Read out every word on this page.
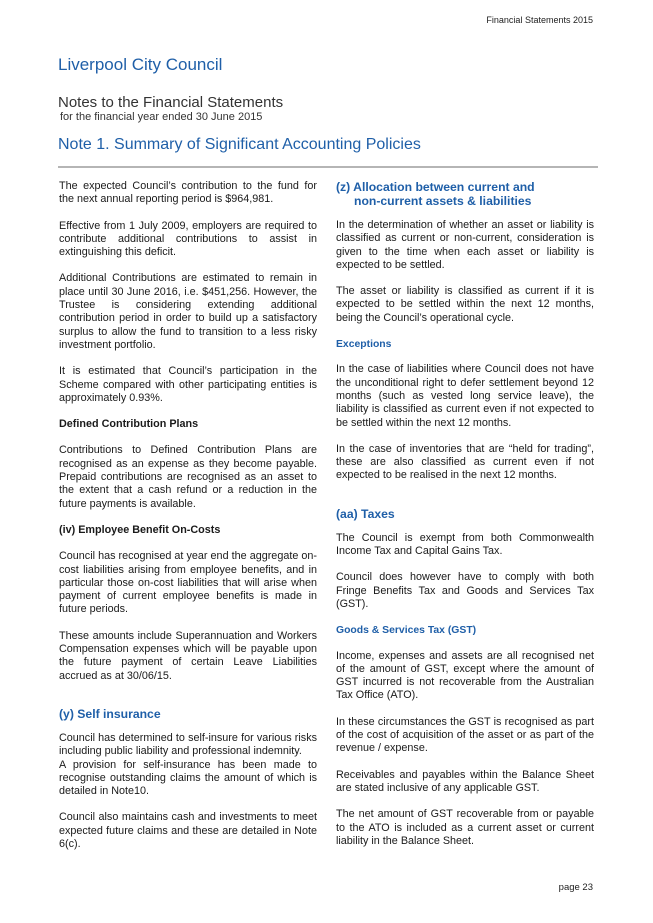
Financial Statements 2015
Liverpool City Council
Notes to the Financial Statements
for the financial year ended 30 June 2015
Note 1. Summary of Significant Accounting Policies

The expected Council’s contribution to the fund for the next annual reporting period is $964,981.

Effective from 1 July 2009, employers are required to contribute additional contributions to assist in extinguishing this deficit.

Additional Contributions are estimated to remain in place until 30 June 2016, i.e. $451,256. However, the Trustee is considering extending additional contribution period in order to build up a satisfactory surplus to allow the fund to transition to a less risky investment portfolio.

It is estimated that Council’s participation in the Scheme compared with other participating entities is approximately 0.93%.

Defined Contribution Plans

Contributions to Defined Contribution Plans are recognised as an expense as they become payable. Prepaid contributions are recognised as an asset to the extent that a cash refund or a reduction in the future payments is available.

(iv) Employee Benefit On-Costs

Council has recognised at year end the aggregate on-cost liabilities arising from employee benefits, and in particular those on-cost liabilities that will arise when payment of current employee benefits is made in future periods.

These amounts include Superannuation and Workers Compensation expenses which will be payable upon the future payment of certain Leave Liabilities accrued as at 30/06/15.

(y) Self insurance

Council has determined to self-insure for various risks including public liability and professional indemnity.

A provision for self-insurance has been made to recognise outstanding claims the amount of which is detailed in Note10.

Council also maintains cash and investments to meet expected future claims and these are detailed in Note 6(c).

(z) Allocation between current and
non-current assets & liabilities

In the determination of whether an asset or liability is classified as current or non-current, consideration is given to the time when each asset or liability is expected to be settled.

The asset or liability is classified as current if it is expected to be settled within the next 12 months, being the Council’s operational cycle.

Exceptions

In the case of liabilities where Council does not have the unconditional right to defer settlement beyond 12 months (such as vested long service leave), the liability is classified as current even if not expected to be settled within the next 12 months.

In the case of inventories that are “held for trading”, these are also classified as current even if not expected to be realised in the next 12 months.

(aa) Taxes

The Council is exempt from both Commonwealth Income Tax and Capital Gains Tax.

Council does however have to comply with both Fringe Benefits Tax and Goods and Services Tax (GST).

Goods & Services Tax (GST)

Income, expenses and assets are all recognised net of the amount of GST, except where the amount of GST incurred is not recoverable from the Australian Tax Office (ATO).

In these circumstances the GST is recognised as part of the cost of acquisition of the asset or as part of the revenue / expense.

Receivables and payables within the Balance Sheet are stated inclusive of any applicable GST.

The net amount of GST recoverable from or payable to the ATO is included as a current asset or current liability in the Balance Sheet.

page 23
